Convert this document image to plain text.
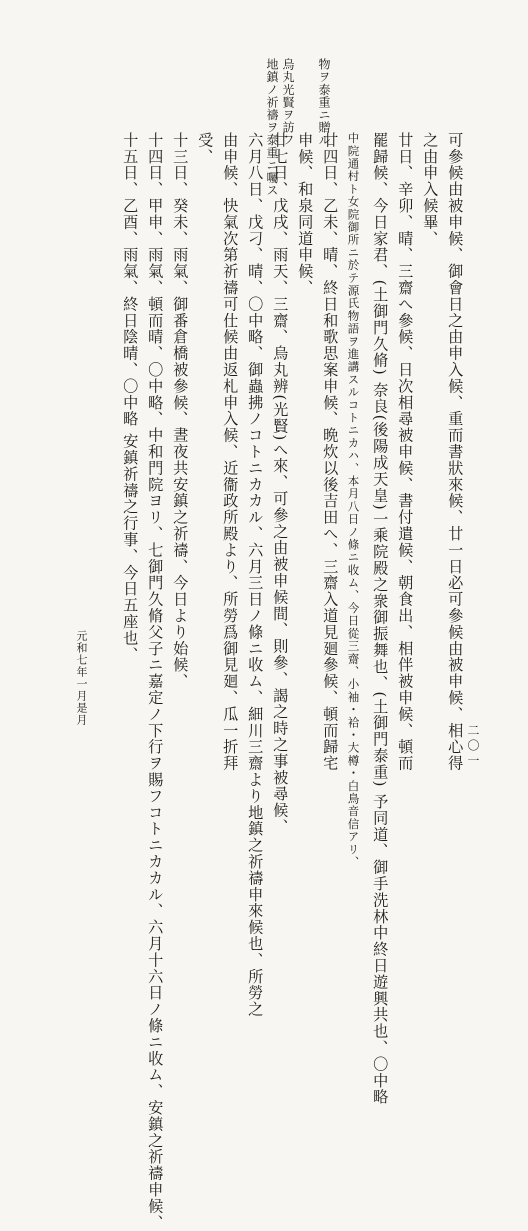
物ヲ泰重ニ贈ル
烏丸光賢ヲ訪フ
地鎮ノ祈禱ヲ泰重ニ囑ス
可參候由被申候、御會日之由申入候、重而書狀來候、廿一日必可參候由被申候、相心得
之由申入候畢、
廿日、辛卯、晴、三齋へ參候、日次相尋被申候、書付遣候、朝食出、相伴被申候、頓而
罷歸候、今日家君、(土御門久脩) 奈良(後陽成天皇)一乘院殿之衆御振舞也、(土御門泰重) 予同道、御手洗林中終日遊興共也、〇中略
中院通村ト女院御所ニ於テ源氏物語ヲ進講スルコトニカハ、本月八日ノ條ニ收ム、今日從三齋、小袖・袷・大樽・白鳥音信アリ、
廿四日、乙未、晴、終日和歌思案申候、晩炊以後吉田へ、三齋入道見廻參候、頓而歸宅
申候、和泉同道申候、
廿七日、戊戌、雨天、三齋、烏丸辨(光賢)へ來、可參之由被申候間、則參、謁之時之事被尋候、
六月八日、戊刁、晴、〇中略、御蟲拂ノコトニカカル、六月三日ノ條ニ收ム、細川三齋より地鎮之祈禱申來候也、所勞之
由申候、快氣次第祈禱可仕候由返札申入候、近衞政所殿より、所勞爲御見廻、瓜一折拜
受、
十三日、癸未、雨氣、御番倉橋被參候、晝夜共安鎮之祈禱、今日より始候、
十四日、甲申、雨氣、頓而晴、〇中略、中和門院ヨリ、七御門久脩父子ニ嘉定ノ下行ヲ賜フコトニカカル、六月十六日ノ條ニ收ム、安鎮之祈禱申候、
十五日、乙酉、雨氣、終日陰晴、〇中略 安鎮祈禱之行事、今日五座也、
元和七年一月是月
二〇一
